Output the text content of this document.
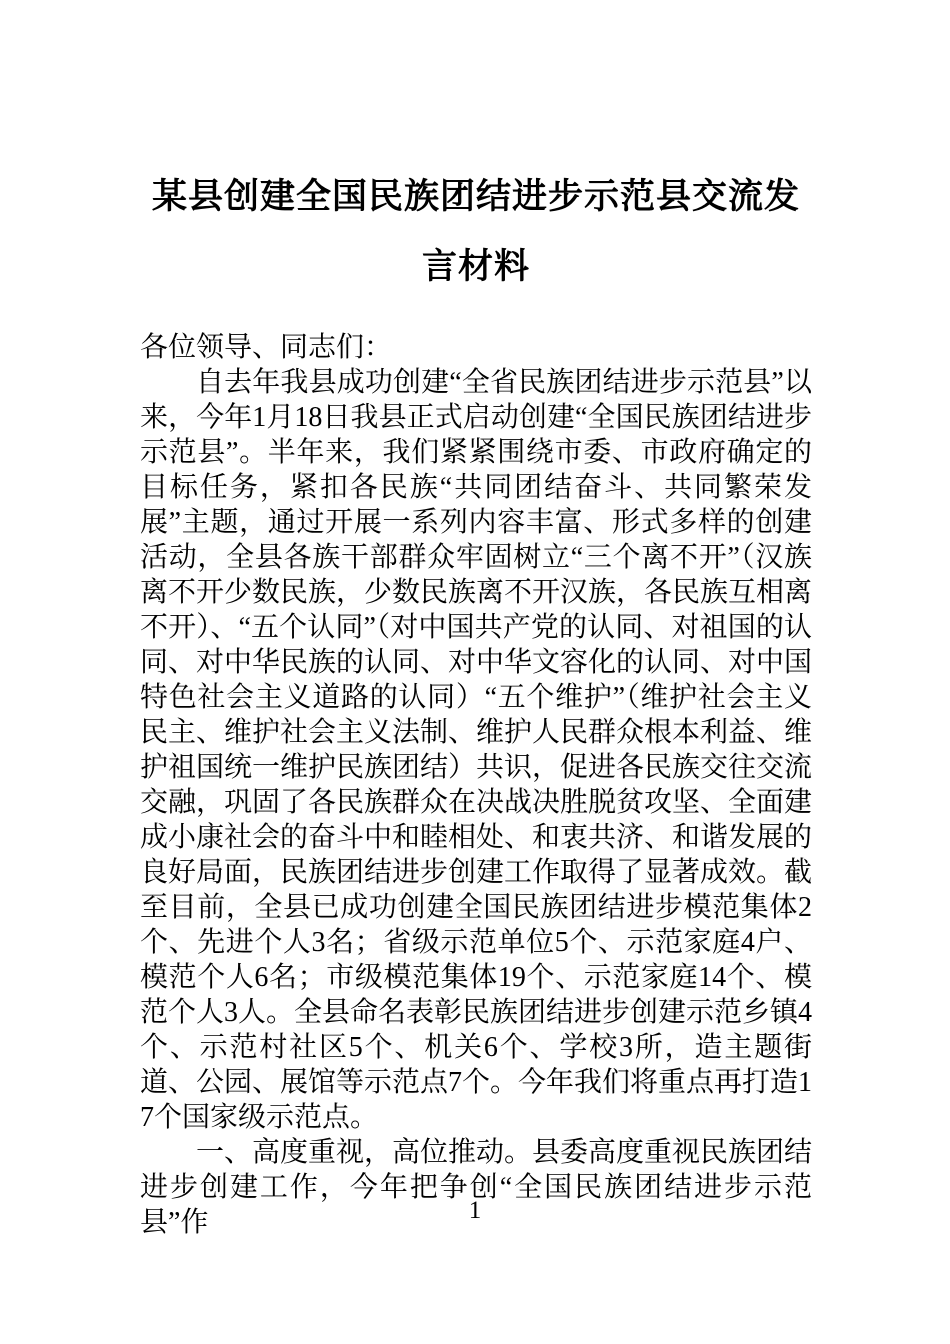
某县创建全国民族团结进步示范县交流发言材料

各位领导、同志们：

自去年我县成功创建“全省民族团结进步示范县”以来，今年1月18日我县正式启动创建“全国民族团结进步示范县”。半年来，我们紧紧围绕市委、市政府确定的目标任务，紧扣各民族“共同团结奋斗、共同繁荣发展”主题，通过开展一系列内容丰富、形式多样的创建活动，全县各族干部群众牢固树立“三个离不开”（汉族离不开少数民族，少数民族离不开汉族，各民族互相离不开）、“五个认同”（对中国共产党的认同、对祖国的认同、对中华民族的认同、对中华文容化的认同、对中国特色社会主义道路的认同）“五个维护”（维护社会主义民主、维护社会主义法制、维护人民群众根本利益、维护祖国统一维护民族团结）共识，促进各民族交往交流交融，巩固了各民族群众在决战决胜脱贫攻坚、全面建成小康社会的奋斗中和睦相处、和衷共济、和谐发展的良好局面，民族团结进步创建工作取得了显著成效。截至目前，全县已成功创建全国民族团结进步模范集体2个、先进个人3名；省级示范单位5个、示范家庭4户、模范个人6名；市级模范集体19个、示范家庭14个、模范个人3人。全县命名表彰民族团结进步创建示范乡镇4个、示范村社区5个、机关6个、学校3所，造主题街道、公园、展馆等示范点7个。今年我们将重点再打造17个国家级示范点。

一、高度重视，高位推动。县委高度重视民族团结进步创建工作，今年把争创“全国民族团结进步示范县”作	1
